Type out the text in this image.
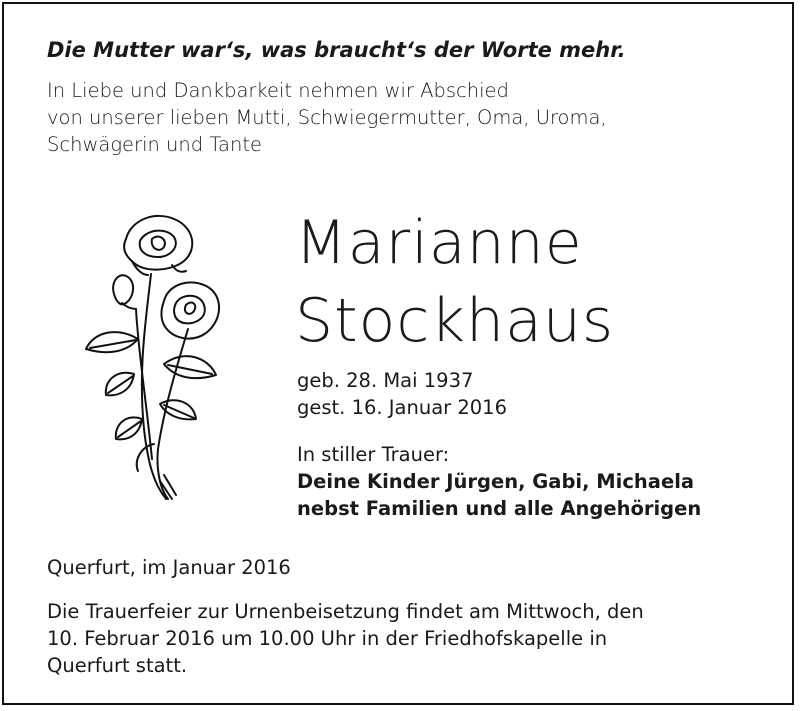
Die Mutter war‘s, was braucht‘s der Worte mehr.
In Liebe und Dankbarkeit nehmen wir Abschied
von unserer lieben Mutti, Schwiegermutter, Oma, Uroma,
Schwägerin und Tante
Marianne
Stockhaus
geb. 28. Mai 1937
gest. 16. Januar 2016
In stiller Trauer:
Deine Kinder Jürgen, Gabi, Michaela
nebst Familien und alle Angehörigen
Querfurt, im Januar 2016
Die Trauerfeier zur Urnenbeisetzung findet am Mittwoch, den
10. Februar 2016 um 10.00 Uhr in der Friedhofskapelle in
Querfurt statt.
